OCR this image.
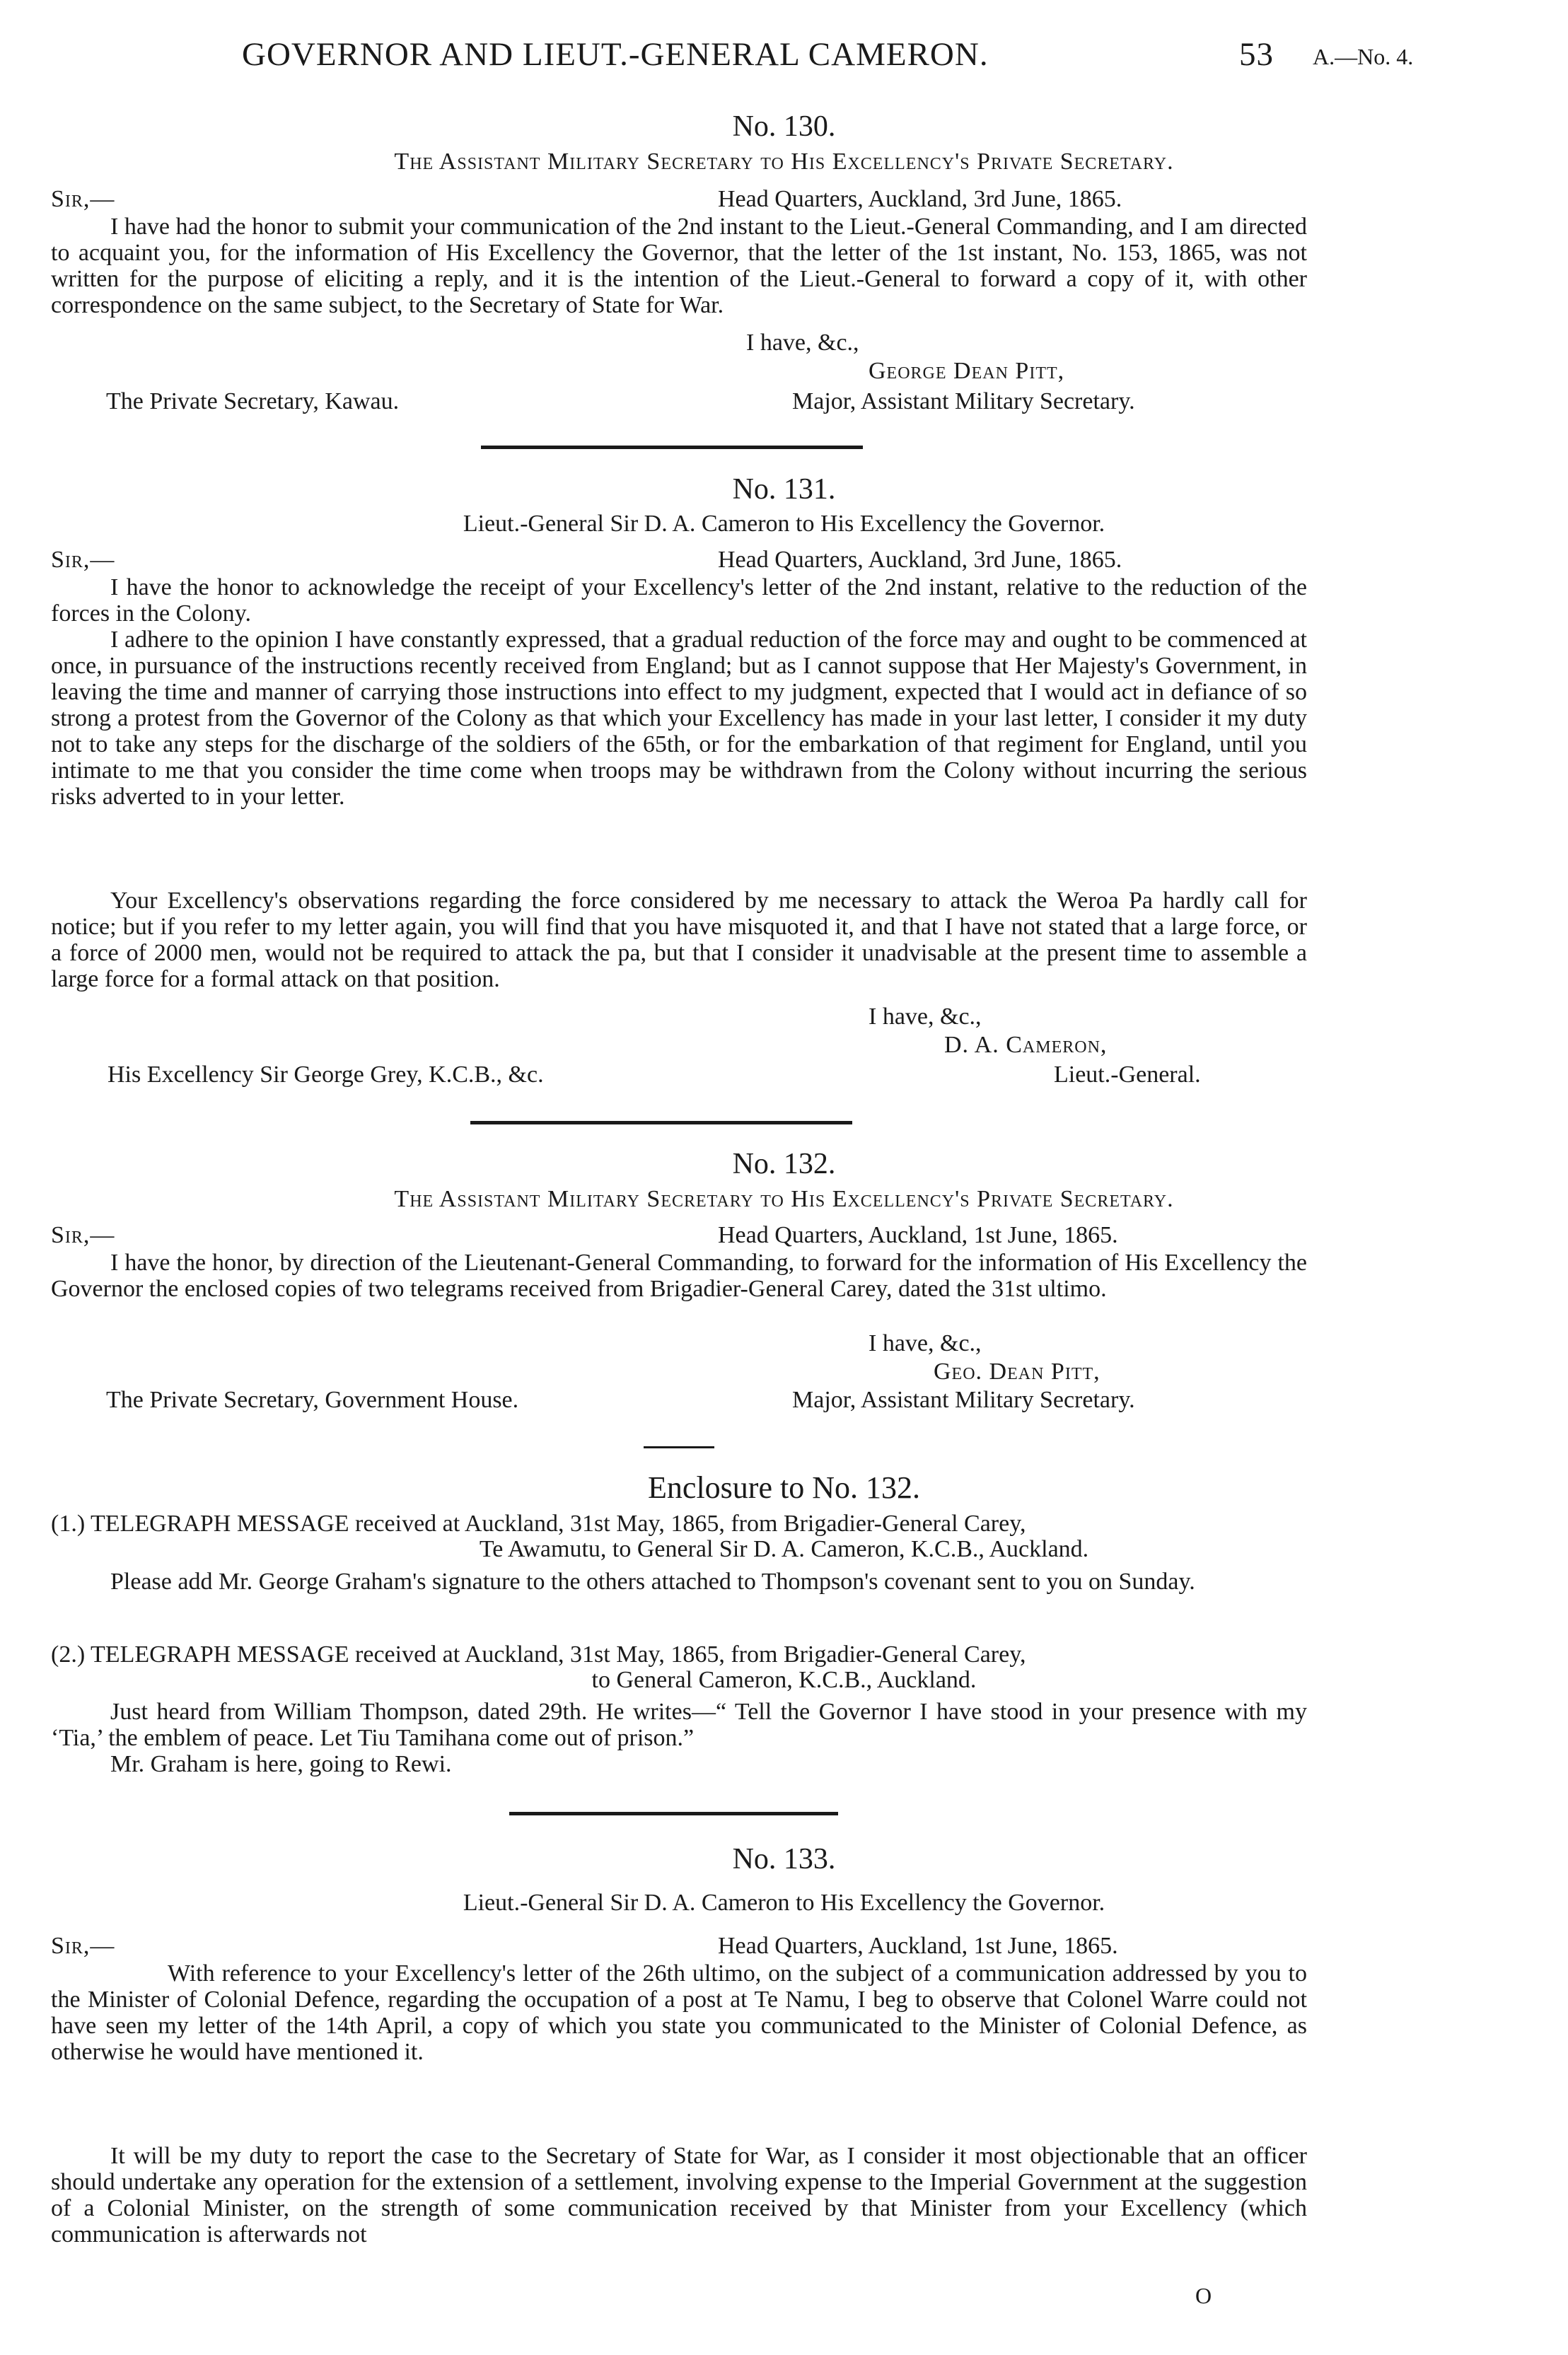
GOVERNOR AND LIEUT.-GENERAL CAMERON.	53 A.—No. 4.
No. 130.
The Assistant Military Secretary to His Excellency's Private Secretary.
Sir,—	Head Quarters, Auckland, 3rd June, 1865.
I have had the honor to submit your communication of the 2nd instant to the Lieut.-General Commanding, and I am directed to acquaint you, for the information of His Excellency the Governor, that the letter of the 1st instant, No. 153, 1865, was not written for the purpose of eliciting a reply, and it is the intention of the Lieut.-General to forward a copy of it, with other correspondence on the same subject, to the Secretary of State for War.
I have, &c.,
George Dean Pitt,
The Private Secretary, Kawau.	Major, Assistant Military Secretary.
No. 131.
Lieut.-General Sir D. A. Cameron to His Excellency the Governor.
Sir,—	Head Quarters, Auckland, 3rd June, 1865.
I have the honor to acknowledge the receipt of your Excellency's letter of the 2nd instant, relative to the reduction of the forces in the Colony.
I adhere to the opinion I have constantly expressed, that a gradual reduction of the force may and ought to be commenced at once, in pursuance of the instructions recently received from England; but as I cannot suppose that Her Majesty's Government, in leaving the time and manner of carrying those instructions into effect to my judgment, expected that I would act in defiance of so strong a protest from the Governor of the Colony as that which your Excellency has made in your last letter, I consider it my duty not to take any steps for the discharge of the soldiers of the 65th, or for the embarkation of that regiment for England, until you intimate to me that you consider the time come when troops may be withdrawn from the Colony without incurring the serious risks adverted to in your letter.
Your Excellency's observations regarding the force considered by me necessary to attack the Weroa Pa hardly call for notice; but if you refer to my letter again, you will find that you have misquoted it, and that I have not stated that a large force, or a force of 2000 men, would not be required to attack the pa, but that I consider it unadvisable at the present time to assemble a large force for a formal attack on that position.
I have, &c.,
D. A. Cameron,
His Excellency Sir George Grey, K.C.B., &c.	Lieut.-General.
No. 132.
The Assistant Military Secretary to His Excellency's Private Secretary.
Sir,—	Head Quarters, Auckland, 1st June, 1865.
I have the honor, by direction of the Lieutenant-General Commanding, to forward for the information of His Excellency the Governor the enclosed copies of two telegrams received from Brigadier-General Carey, dated the 31st ultimo.
I have, &c.,
Geo. Dean Pitt,
The Private Secretary, Government House.	Major, Assistant Military Secretary.
Enclosure to No. 132.
(1.) TELEGRAPH MESSAGE received at Auckland, 31st May, 1865, from Brigadier-General Carey,
Te Awamutu, to General Sir D. A. Cameron, K.C.B., Auckland.
Please add Mr. George Graham's signature to the others attached to Thompson's covenant sent to you on Sunday.
(2.) TELEGRAPH MESSAGE received at Auckland, 31st May, 1865, from Brigadier-General Carey,
to General Cameron, K.C.B., Auckland.
Just heard from William Thompson, dated 29th. He writes—“ Tell the Governor I have stood in your presence with my ‘Tia,’ the emblem of peace. Let Tiu Tamihana come out of prison.”
Mr. Graham is here, going to Rewi.
No. 133.
Lieut.-General Sir D. A. Cameron to His Excellency the Governor.
Sir,—	Head Quarters, Auckland, 1st June, 1865.
With reference to your Excellency's letter of the 26th ultimo, on the subject of a communication addressed by you to the Minister of Colonial Defence, regarding the occupation of a post at Te Namu, I beg to observe that Colonel Warre could not have seen my letter of the 14th April, a copy of which you state you communicated to the Minister of Colonial Defence, as otherwise he would have mentioned it.
It will be my duty to report the case to the Secretary of State for War, as I consider it most objectionable that an officer should undertake any operation for the extension of a settlement, involving expense to the Imperial Government at the suggestion of a Colonial Minister, on the strength of some communication received by that Minister from your Excellency (which communication is afterwards not
O
